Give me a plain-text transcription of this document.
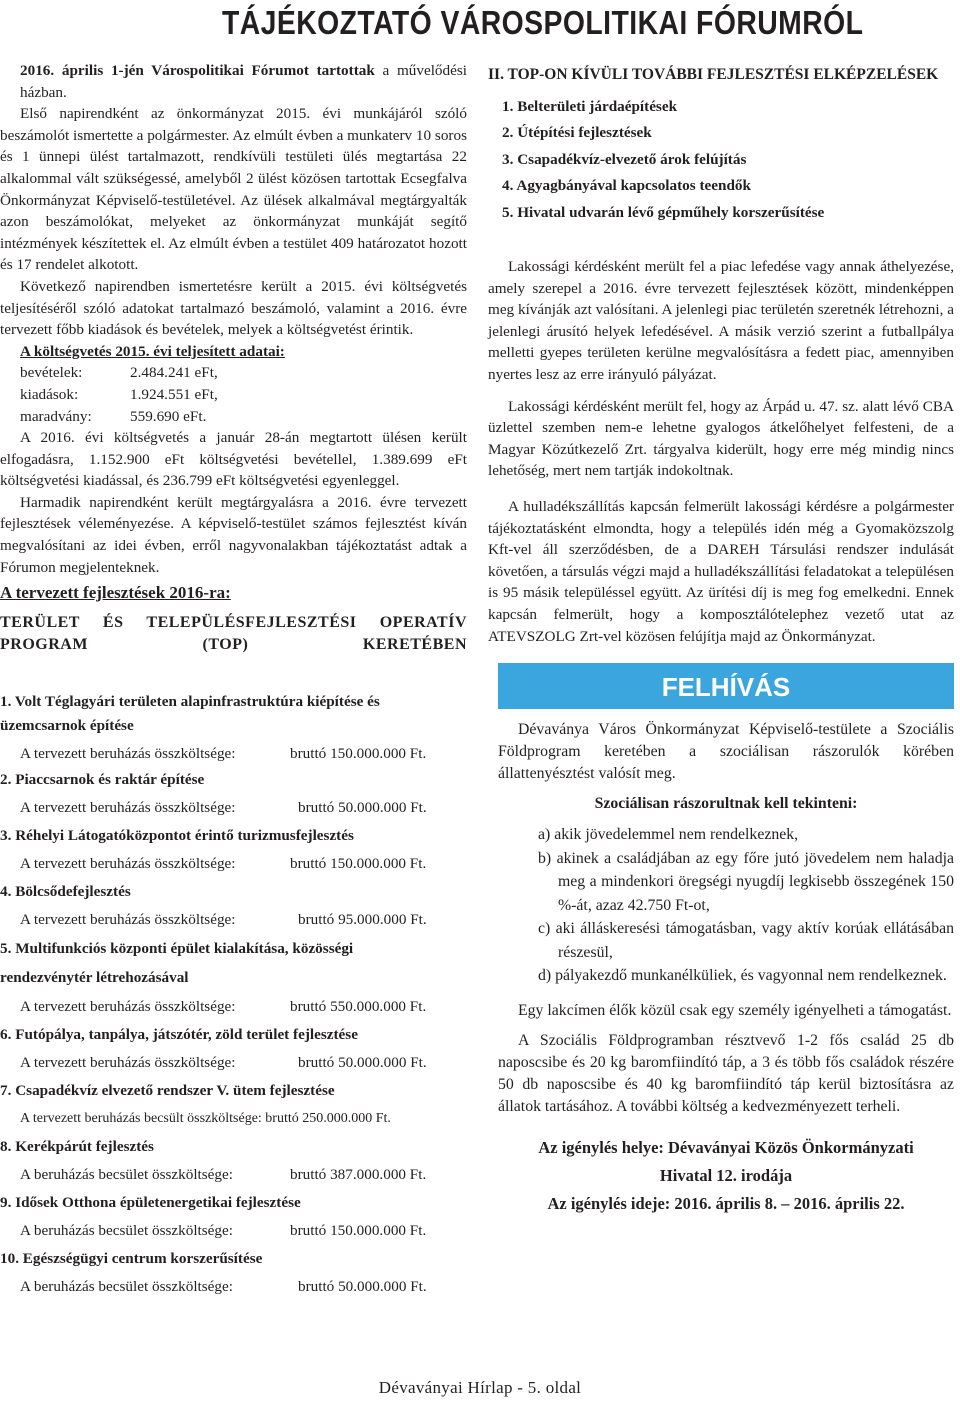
TÁJÉKOZTATÓ VÁROSPOLITIKAI FÓRUMRÓL

2016. április 1-jén Várospolitikai Fórumot tartottak a művelődési házban.

Első napirendként az önkormányzat 2015. évi munkájáról szóló beszámolót ismertette a polgármester. Az elmúlt évben a munkaterv 10 soros és 1 ünnepi ülést tartalmazott, rendkívüli testületi ülés megtartása 22 alkalommal vált szükségessé, amelyből 2 ülést közösen tartottak Ecsegfalva Önkormányzat Képviselő-testületével. Az ülések alkalmával megtárgyalták azon beszámolókat, melyeket az önkormányzat munkáját segítő intézmények készítettek el. Az elmúlt évben a testület 409 határozatot hozott és 17 rendelet alkotott.

Következő napirendben ismertetésre került a 2015. évi költségvetés teljesítéséről szóló adatokat tartalmazó beszámoló, valamint a 2016. évre tervezett főbb kiadások és bevételek, melyek a költségvetést érintik.

A költségvetés 2015. évi teljesített adatai:
bevételek:	2.484.241 eFt,
kiadások:	1.924.551 eFt,
maradvány:	559.690 eFt.

A 2016. évi költségvetés a január 28-án megtartott ülésen került elfogadásra, 1.152.900 eFt költségvetési bevétellel, 1.389.699 eFt költségvetési kiadással, és 236.799 eFt költségvetési egyenleggel.

Harmadik napirendként került megtárgyalásra a 2016. évre tervezett fejlesztések véleményezése. A képviselő-testület számos fejlesztést kíván megvalósítani az idei évben, erről nagyvonalakban tájékoztatást adtak a Fórumon megjelenteknek.

A tervezett fejlesztések 2016-ra:
TERÜLET ÉS TELEPÜLÉSFEJLESZTÉSI OPERATÍV PROGRAM (TOP) KERETÉBEN
1. Volt Téglagyári területen alapinfrastruktúra kiépítése és üzemcsarnok építése
A tervezett beruházás összköltsége:	bruttó 150.000.000 Ft.
2. Piaccsarnok és raktár építése
A tervezett beruházás összköltsége:	bruttó 50.000.000 Ft.
3. Réhelyi Látogatóközpontot érintő turizmusfejlesztés
A tervezett beruházás összköltsége:	bruttó 150.000.000 Ft.
4. Bölcsődefejlesztés
A tervezett beruházás összköltsége:	bruttó 95.000.000 Ft.
5. Multifunkciós központi épület kialakítása, közösségi rendezvénytér létrehozásával
A tervezett beruházás összköltsége:	bruttó 550.000.000 Ft.
6. Futópálya, tanpálya, játszótér, zöld terület fejlesztése
A tervezett beruházás összköltsége:	bruttó 50.000.000 Ft.
7. Csapadékvíz elvezető rendszer V. ütem fejlesztése
A tervezett beruházás becsült összköltsége: bruttó 250.000.000 Ft.
8. Kerékpárút fejlesztés
A beruházás becsület összköltsége:	bruttó 387.000.000 Ft.
9. Idősek Otthona épületenergetikai fejlesztése
A beruházás becsület összköltsége:	bruttó 150.000.000 Ft.
10. Egészségügyi centrum korszerűsítése
A beruházás becsület összköltsége:	bruttó 50.000.000 Ft.
II. TOP-ON KÍVÜLI TOVÁBBI FEJLESZTÉSI ELKÉPZELÉSEK
1. Belterületi járdaépítések
2. Útépítési fejlesztések
3. Csapadékvíz-elvezető árok felújítás
4. Agyagbányával kapcsolatos teendők
5. Hivatal udvarán lévő gépműhely korszerűsítése

Lakossági kérdésként merült fel a piac lefedése vagy annak áthelyezése, amely szerepel a 2016. évre tervezett fejlesztések között, mindenképpen meg kívánják azt valósítani. A jelenlegi piac területén szeretnék létrehozni, a jelenlegi árusító helyek lefedésével. A másik verzió szerint a futballpálya melletti gyepes területen kerülne megvalósításra a fedett piac, amennyiben nyertes lesz az erre irányuló pályázat.

Lakossági kérdésként merült fel, hogy az Árpád u. 47. sz. alatt lévő CBA üzlettel szemben nem-e lehetne gyalogos átkelőhelyet felfesteni, de a Magyar Közútkezelő Zrt. tárgyalva kiderült, hogy erre még mindig nincs lehetőség, mert nem tartják indokoltnak.

A hulladékszállítás kapcsán felmerült lakossági kérdésre a polgármester tájékoztatásként elmondta, hogy a település idén még a Gyomaközszolg Kft-vel áll szerződésben, de a DAREH Társulási rendszer indulását követően, a társulás végzi majd a hulladékszállítási feladatokat a településen is 95 másik településsel együtt. Az ürítési díj is meg fog emelkedni. Ennek kapcsán felmerült, hogy a komposztálótelephez vezető utat az ATEVSZOLG Zrt-vel közösen felújítja majd az Önkormányzat.

FELHÍVÁS

Dévaványa Város Önkormányzat Képviselő-testülete a Szociális Földprogram keretében a szociálisan rászorulók körében állattenyésztést valósít meg.

Szociálisan rászorultnak kell tekinteni:
a) akik jövedelemmel nem rendelkeznek,
b) akinek a családjában az egy főre jutó jövedelem nem haladja meg a mindenkori öregségi nyugdíj legkisebb összegének 150 %-át, azaz 42.750 Ft-ot,
c) aki álláskeresési támogatásban, vagy aktív korúak ellátásában részesül,
d) pályakezdő munkanélküliek, és vagyonnal nem rendelkeznek.

Egy lakcímen élők közül csak egy személy igényelheti a támogatást.

A Szociális Földprogramban résztvevő 1-2 fős család 25 db naposcsibe és 20 kg baromfiindító táp, a 3 és több fős családok részére 50 db naposcsibe és 40 kg baromfiindító táp kerül biztosításra az állatok tartásához. A további költség a kedvezményezett terheli.

Az igénylés helye: Dévaványai Közös Önkormányzati Hivatal 12. irodája
Az igénylés ideje: 2016. április 8. – 2016. április 22.
Dévaványai Hírlap - 5. oldal
